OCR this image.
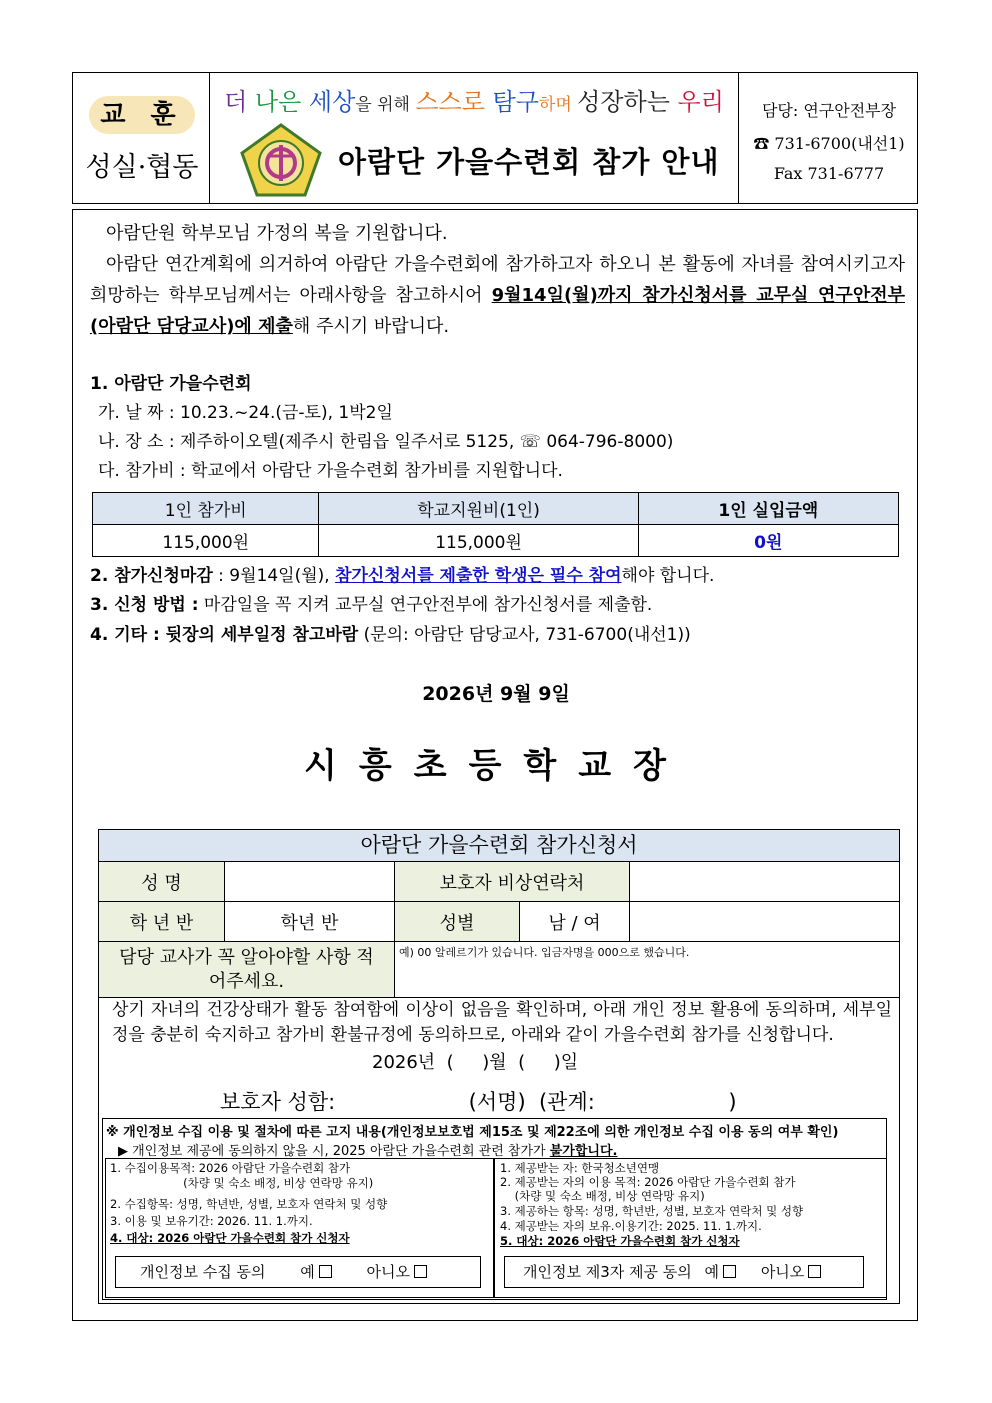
교 훈
성실·협동
더 나은 세상을 위해 스스로 탐구하며 성장하는 우리
아람단 가을수련회 참가 안내
담당: 연구안전부장
☎ 731-6700(내선1)
Fax 731-6777
아람단원 학부모님 가정의 복을 기원합니다.
아람단 연간계획에 의거하여 아람단 가을수련회에 참가하고자 하오니 본 활동에 자녀를 참여시키고자 희망하는 학부모님께서는 아래사항을 참고하시어 9월14일(월)까지 참가신청서를 교무실 연구안전부(아람단 담당교사)에 제출해 주시기 바랍니다.
1. 아람단 가을수련회
가. 날 짜 : 10.23.~24.(금-토), 1박2일
나. 장 소 : 제주하이오텔(제주시 한림읍 일주서로 5125, ☏ 064-796-8000)
다. 참가비 : 학교에서 아람단 가을수련회 참가비를 지원합니다.
1인 참가비	학교지원비(1인)	1인 실입금액
115,000원	115,000원	0원
2. 참가신청마감 : 9월14일(월), 참가신청서를 제출한 학생은 필수 참여해야 합니다.
3. 신청 방법 : 마감일을 꼭 지켜 교무실 연구안전부에 참가신청서를 제출함.
4. 기타 : 뒷장의 세부일정 참고바람 (문의: 아람단 담당교사, 731-6700(내선1))
2026년 9월 9일
시흥초등학교장
아람단 가을수련회 참가신청서
성 명	보호자 비상연락처
학 년 반	학년 반	성별	남 / 여
담당 교사가 꼭 알아야할 사항 적어주세요.
예) 00 알레르기가 있습니다. 입금자명을 000으로 했습니다.
상기 자녀의 건강상태가 활동 참여함에 이상이 없음을 확인하며, 아래 개인 정보 활용에 동의하며, 세부일정을 충분히 숙지하고 참가비 환불규정에 동의하므로, 아래와 같이 가을수련회 참가를 신청합니다.
2026년  (     )월  (     )일
보호자 성함:                    (서명)  (관계:                    )
※ 개인정보 수집 이용 및 절차에 따른 고지 내용(개인정보보호법 제15조 및 제22조에 의한 개인정보 수집 이용 동의 여부 확인)
▶ 개인정보 제공에 동의하지 않을 시, 2025 아람단 가을수련회 관련 참가가 불가합니다.
1. 수집이용목적: 2026 아람단 가을수련회 참가
(차량 및 숙소 배정, 비상 연락망 유지)
2. 수집항목: 성명, 학년반, 성별, 보호자 연락처 및 성향
3. 이용 및 보유기간: 2026. 11. 1.까지.
4. 대상: 2026 아람단 가을수련회 참가 신청자
1. 제공받는 자: 한국청소년연맹
2. 제공받는 자의 이용 목적: 2026 아람단 가을수련회 참가
(차량 및 숙소 배정, 비상 연락망 유지)
3. 제공하는 항목: 성명, 학년반, 성별, 보호자 연락처 및 성향
4. 제공받는 자의 보유.이용기간: 2025. 11. 1.까지.
5. 대상: 2026 아람단 가을수련회 참가 신청자
개인정보 수집 동의 예	아니오	개인정보 제3자 제공 동의 예	아니오
